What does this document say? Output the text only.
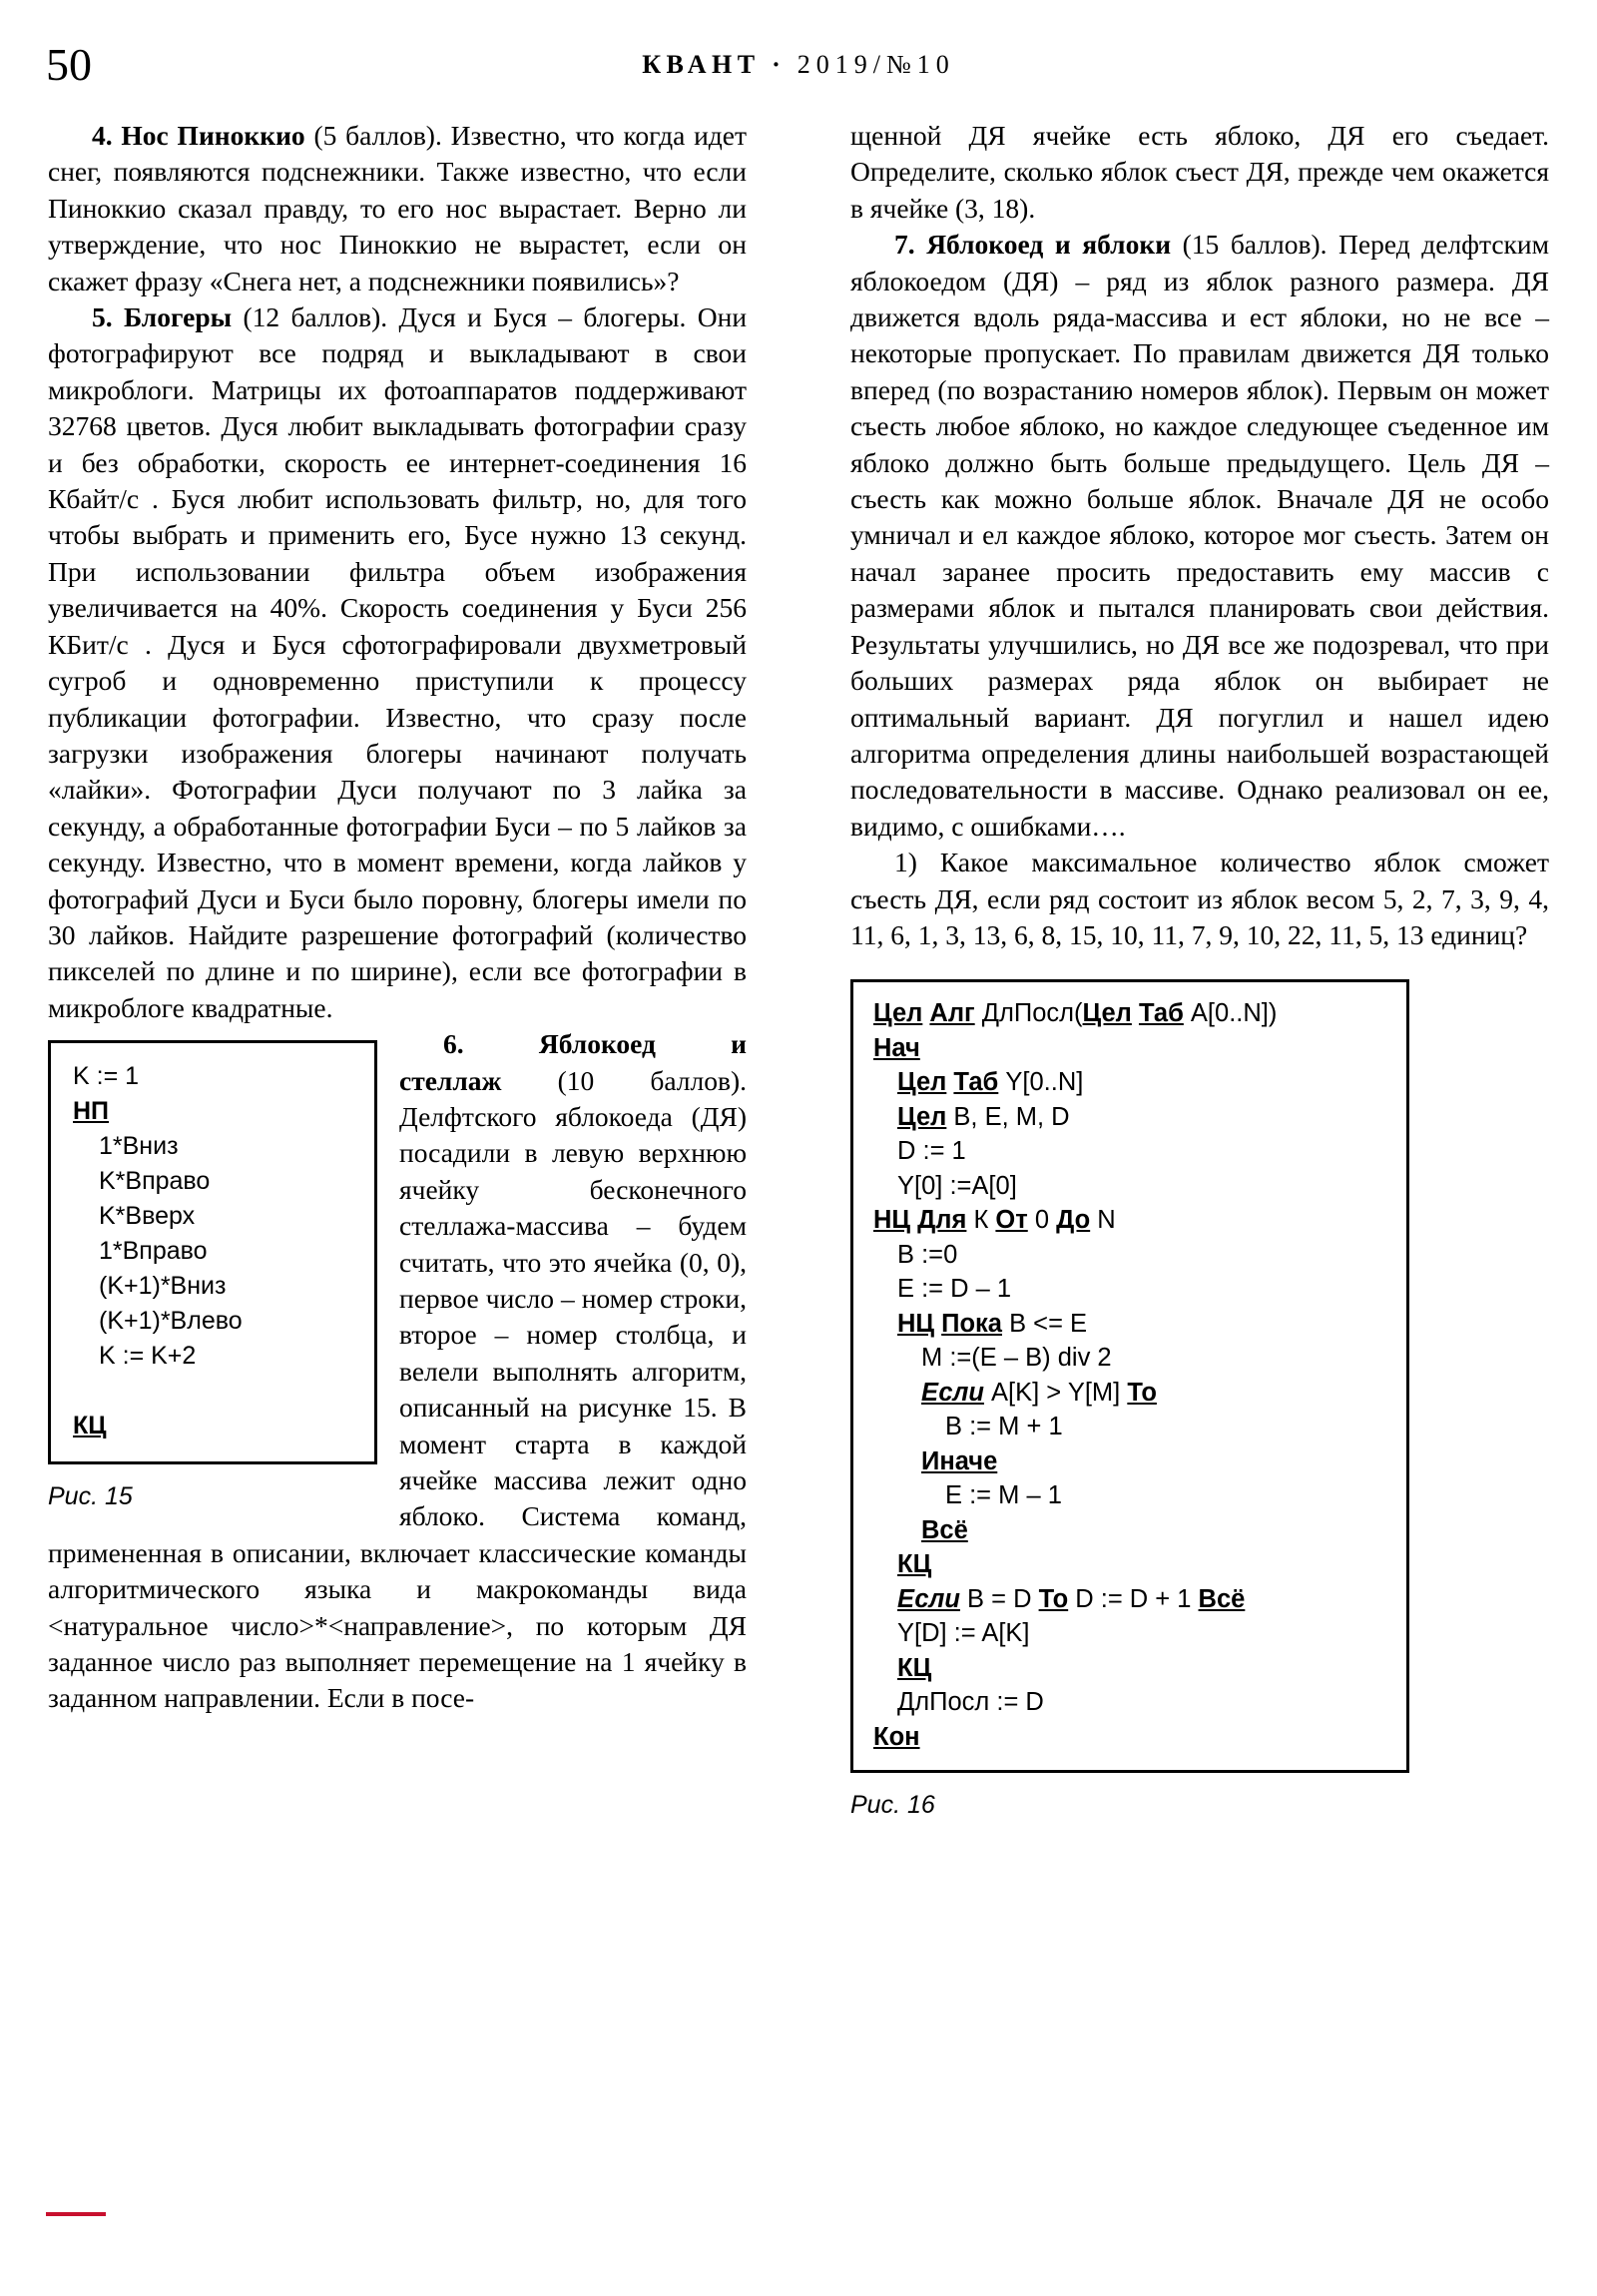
50	КВАНТ · 2019/№10

4. Нос Пиноккио (5 баллов). Известно, что когда идет снег, появляются подснежники. Также известно, что если Пиноккио сказал правду, то его нос вырастает. Верно ли утверждение, что нос Пиноккио не вырастет, если он скажет фразу «Снега нет, а подснежники появились»?

5. Блогеры (12 баллов). Дуся и Буся – блогеры. Они фотографируют все подряд и выкладывают в свои микроблоги. Матрицы их фотоаппаратов поддерживают 32768 цветов. Дуся любит выкладывать фотографии сразу и без обработки, скорость ее интернет-соединения 16 Кбайт/с . Буся любит использовать фильтр, но, для того чтобы выбрать и применить его, Бусе нужно 13 секунд. При использовании фильтра объем изображения увеличивается на 40%. Скорость соединения у Буси 256 КБит/с . Дуся и Буся сфотографировали двухметровый сугроб и одновременно приступили к процессу публикации фотографии. Известно, что сразу после загрузки изображения блогеры начинают получать «лайки». Фотографии Дуси получают по 3 лайка за секунду, а обработанные фотографии Буси – по 5 лайков за секунду. Известно, что в момент времени, когда лайков у фотографий Дуси и Буси было поровну, блогеры имели по 30 лайков. Найдите разрешение фотографий (количество пикселей по длине и по ширине), если все фотографии в микроблоге квадратные.

K := 1
НП
1*Вниз
K*Вправо
K*Вверх
1*Вправо
(K+1)*Вниз
(K+1)*Влево
K := K+2

КЦ
Рис. 15
6.	Яблокоед и стеллаж (10 баллов). Делфтского яблокоеда (ДЯ) посадили в левую верхнюю ячейку бесконечного стеллажа-массива – будем считать, что это ячейка (0, 0), первое число – номер строки, второе – номер столбца, и велели выполнять алгоритм, описанный на рисунке 15. В момент старта в каждой ячейке массива лежит одно яблоко. Система команд, примененная в описании, включает классические команды алгоритмического языка и макрокоманды вида <натуральное число>*<направление>, по которым ДЯ заданное число раз выполняет перемещение на 1 ячейку в заданном направлении. Если в посе-

щенной ДЯ ячейке есть яблоко, ДЯ его съедает. Определите, сколько яблок съест ДЯ, прежде чем окажется в ячейке (3, 18).

7. Яблокоед и яблоки (15 баллов). Перед делфтским яблокоедом (ДЯ) – ряд из яблок разного размера. ДЯ движется вдоль ряда-массива и ест яблоки, но не все – некоторые пропускает. По правилам движется ДЯ только вперед (по возрастанию номеров яблок). Первым он может съесть любое яблоко, но каждое следующее съеденное им яблоко должно быть больше предыдущего. Цель ДЯ – съесть как можно больше яблок. Вначале ДЯ не особо умничал и ел каждое яблоко, которое мог съесть. Затем он начал заранее просить предоставить ему массив с размерами яблок и пытался планировать свои действия. Результаты улучшились, но ДЯ все же подозревал, что при больших размерах ряда яблок он выбирает не оптимальный вариант. ДЯ погуглил и нашел идею алгоритма определения длины наибольшей возрастающей последовательности в массиве. Однако реализовал он ее, видимо, с ошибками….

1) Какое максимальное количество яблок сможет съесть ДЯ, если ряд состоит из яблок весом 5, 2, 7, 3, 9, 4, 11, 6, 1, 3, 13, 6, 8, 15, 10, 11, 7, 9, 10, 22, 11, 5, 13 единиц?

Цел Алг ДлПосл(Цел Таб A[0..N])
Нач
Цел Таб Y[0..N]
Цел B, E, M, D
D := 1
Y[0] :=A[0]
НЦ Для К От 0 До N
B :=0
E := D – 1
НЦ Пока B <= E
M :=(E – B) div 2
Если A[K] > Y[M] То
B := M + 1
Иначе
E := M – 1
Всё
КЦ
Если B = D То D := D + 1 Всё
Y[D] := A[K]
КЦ
ДлПосл := D
Кон
Рис. 16
